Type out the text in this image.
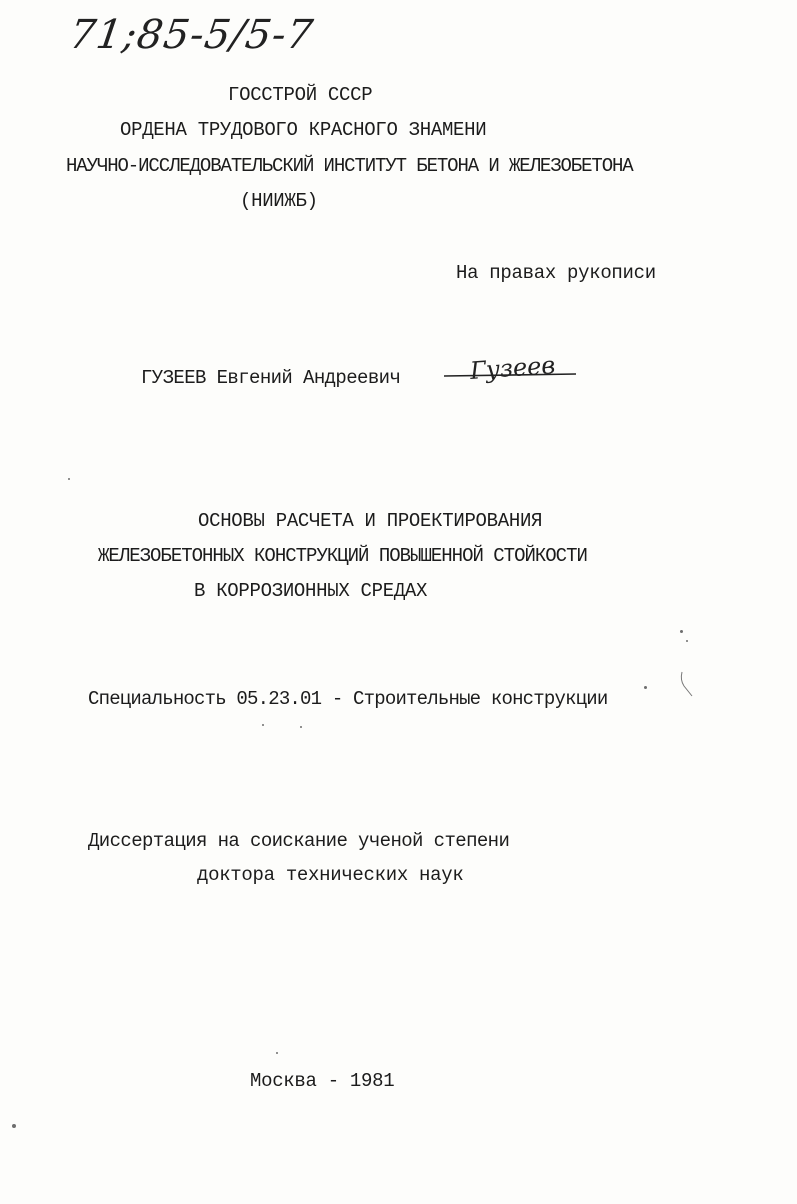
71;85-5/5-7
ГОССТРОЙ СССР
ОРДЕНА ТРУДОВОГО КРАСНОГО ЗНАМЕНИ
НАУЧНО-ИССЛЕДОВАТЕЛЬСКИЙ ИНСТИТУТ БЕТОНА И ЖЕЛЕЗОБЕТОНА
(НИИЖБ)
На правах рукописи
ГУЗЕЕВ Евгений Андреевич	Гузеев
ОСНОВЫ РАСЧЕТА И ПРОЕКТИРОВАНИЯ
ЖЕЛЕЗОБЕТОННЫХ КОНСТРУКЦИЙ ПОВЫШЕННОЙ СТОЙКОСТИ
В КОРРОЗИОННЫХ СРЕДАХ
Специальность 05.23.01 - Строительные конструкции
Диссертация на соискание ученой степени
доктора технических наук
Москва - 1981
